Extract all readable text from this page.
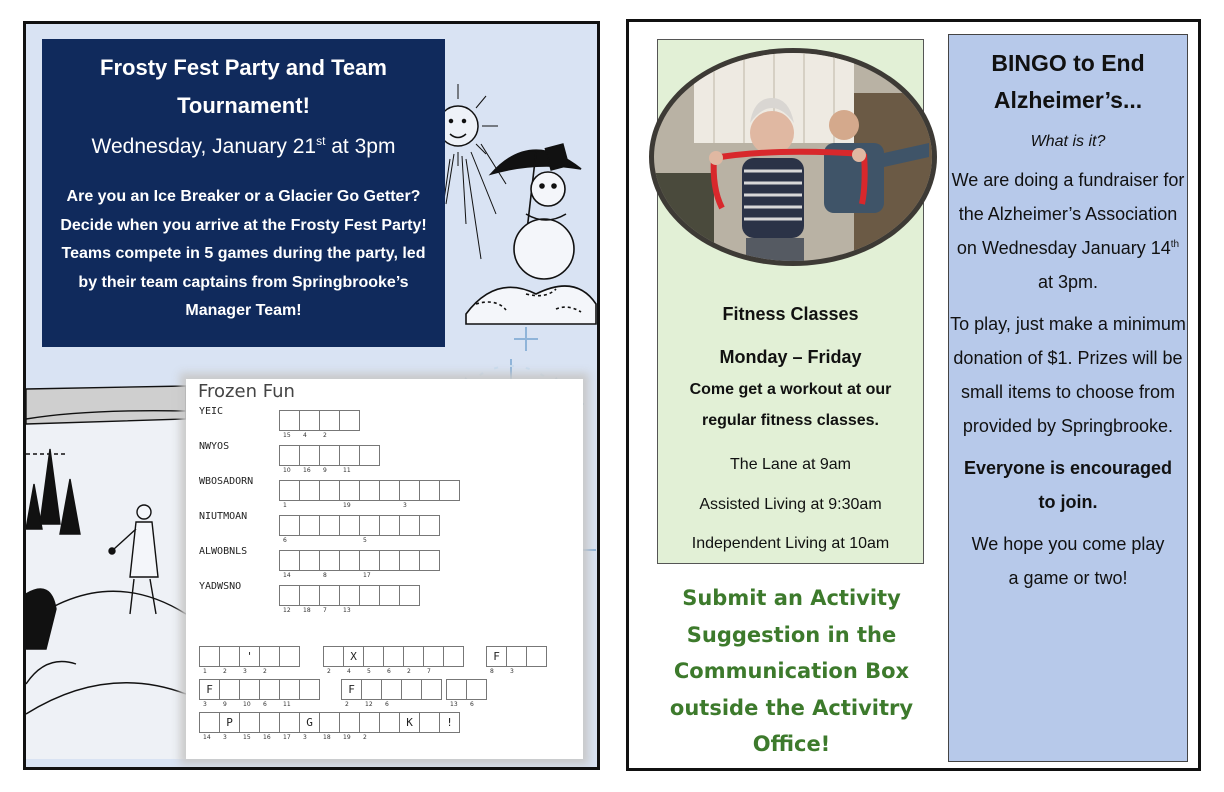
Frosty Fest Party and Team Tournament!
Wednesday, January 21st at 3pm
Are you an Ice Breaker or a Glacier Go Getter? Decide when you arrive at the Frosty Fest Party! Teams compete in 5 games during the party, led by their team captains from Springbrooke’s Manager Team!
Frozen Fun
YEIC
15 4	2
NWYOS
10 16 9	11
WBOSADORN
1	19	3
NIUTMOAN
6	5
ALWOBNLS
14	8	17
YADWSNO
12 18 7	13
'
1	2	3	2
X
2	4	5	6	2	7
F
8	3
F
3	9	10 6	11
F
2	12 6	13 6
P	G	K	!
14 3	15 16 17 3	18 19 2
Fitness Classes
Monday – Friday
Come get a workout at our regular fitness classes.
The Lane at 9am
Assisted Living at 9:30am
Independent Living at 10am
Submit an Activity Suggestion in the Communication Box outside the Activitry Office!
BINGO to End Alzheimer’s...
What is it?
We are doing a fundraiser for the Alzheimer’s Association on Wednesday January 14th at 3pm.
To play, just make a minimum donation of $1. Prizes will be small items to choose from provided by Springbrooke.
Everyone is encouraged to join.
We hope you come play a game or two!
